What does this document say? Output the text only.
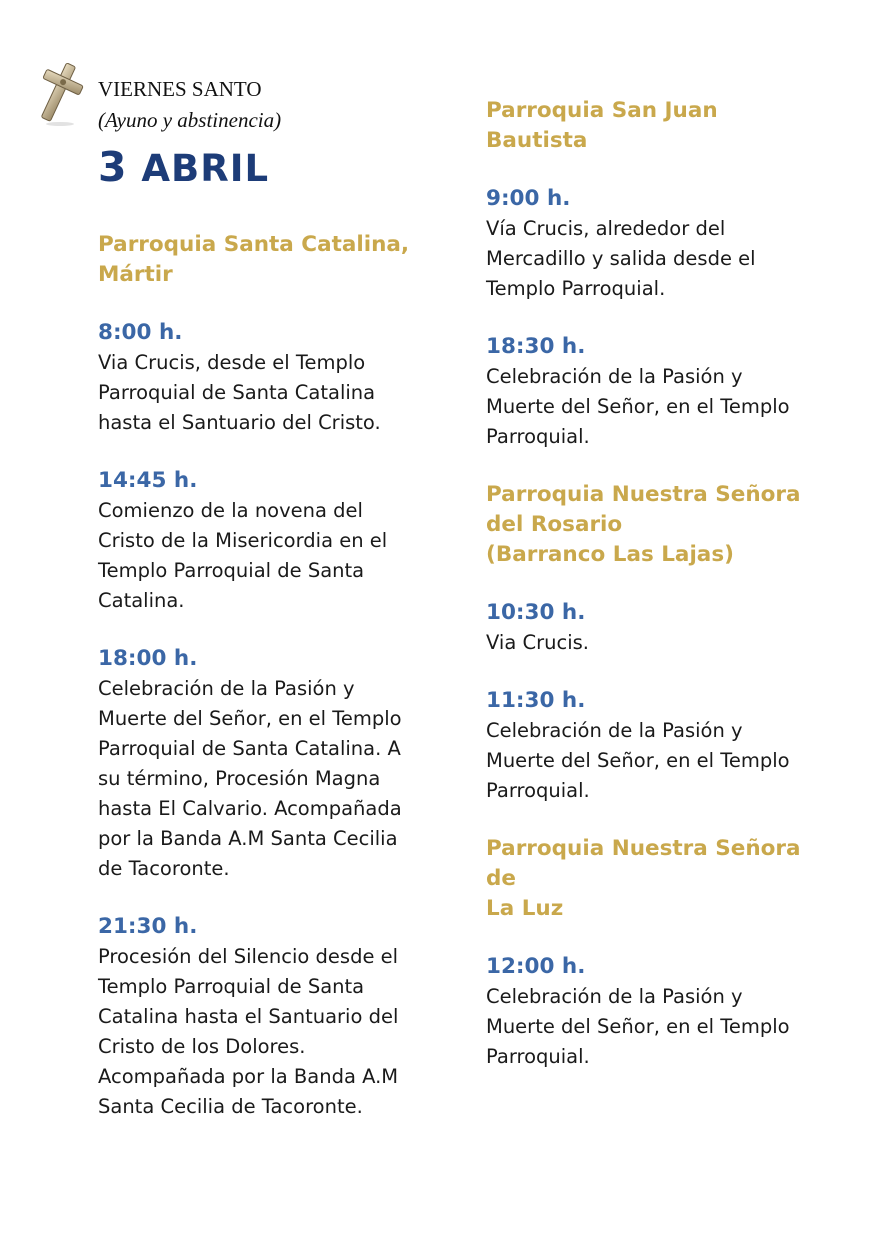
VIERNES SANTO
(Ayuno y abstinencia)
3 ABRIL

Parroquia Santa Catalina,

Mártir

8:00 h.

Via Crucis, desde el Templo

Parroquial de Santa Catalina

hasta el Santuario del Cristo.

14:45 h.

Comienzo de la novena del

Cristo de la Misericordia en el

Templo Parroquial de Santa

Catalina.

18:00 h.

Celebración de la Pasión y

Muerte del Señor, en el Templo

Parroquial de Santa Catalina. A

su término, Procesión Magna

hasta El Calvario. Acompañada

por la Banda A.M Santa Cecilia

de Tacoronte.

21:30 h.

Procesión del Silencio desde el

Templo Parroquial de Santa

Catalina hasta el Santuario del

Cristo de los Dolores.

Acompañada por la Banda A.M

Santa Cecilia de Tacoronte.

Parroquia San Juan Bautista

9:00 h.

Vía Crucis, alrededor del

Mercadillo y salida desde el

Templo Parroquial.

18:30 h.

Celebración de la Pasión y

Muerte del Señor, en el Templo

Parroquial.

Parroquia Nuestra Señora

del Rosario

(Barranco Las Lajas)

10:30 h.

Via Crucis.

11:30 h.

Celebración de la Pasión y

Muerte del Señor, en el Templo

Parroquial.

Parroquia Nuestra Señora de

La Luz

12:00 h.

Celebración de la Pasión y

Muerte del Señor, en el Templo

Parroquial.
